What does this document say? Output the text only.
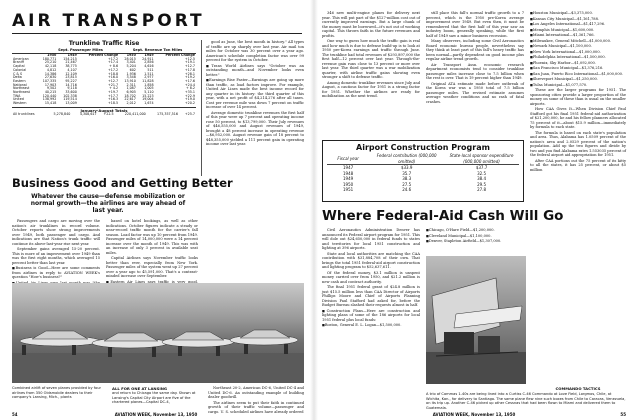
AIR TRANSPORT
Trunkline Traffic Rise
Sept. Passenger Miles	Sept. Revenue Ton Miles
	1950	1949	Percent Change	1950	1949	Percent Change
American	180,771	154,215	+17.2	28,015	24,911	+12.5
Braniff	25,210	21,467	+17.4	3,401	2,856	+19.1
Capital	42,118	38,775	+ 8.6	5,204	4,616	+12.7
Colonial	4,812	4,107	+17.2	602	511	+17.8
C & S	14,386	12,109	+18.8	1,936	1,511	+28.1
Delta	27,630	23,815	+16.0	3,548	2,977	+19.2
Eastern	107,335	95,227	+12.7	13,910	11,828	+17.6
National	17,903	14,716	+21.7	2,311	1,858	+24.4
Northeast	9,502	9,118	+ 4.2	1,087	1,005	+ 8.2
Northwest	40,215	33,600	+19.7	6,905	5,110	+35.1
TWA	120,440	102,338	+17.7	18,702	15,223	+22.9
United	138,992	119,514	+16.3	22,617	19,004	+19.0
Western	15,418	13,009	+18.5	2,012	1,674	+20.2
January-August Totals
All trunklines	5,278,840	4,308,617	+22.5	220,411,000	175,357,516	+25.7
Business Good and Getting Better
Whatever the cause—defense mobilization or normal growth—the airlines are way ahead of last year.

Passengers and cargo are moving over the nation's air trunklines in record volume. October reports show strong improvements over 1949, both passenger and cargo. And indications are that Nation's trunk traffic will continue its above-last-year rise next year.

September gains averaged 15-20 percent. This is more of an improvement over 1949 than was the first eight months, which averaged 15 percent better than last year.

■ Business is Good—Here are some comments from airlines in reply to AVIATION WEEK's question "How's business?"

■

■

based on hotel bookings, as well as other indications. October figures indicate a steady or near-record traffic month for the carrier's fall season. Load factor was up 10 percent from 1949. Passenger miles of 14,000,000 were a 14 percent increase over the month of 1949. This was with an increase of only 3 percent in available seat miles.

Capital Airlines says November traffic looks better than ever, especially from New York. Passenger miles of the system went up 27 percent over a year ago to 45,591,000. That's a contrast-minded increase over September.

■ Eastern Air Lines says traffic is very good.

■

good as June, the best month in history." All types of traffic are up sharply over last year. Air mail ton miles for October was 30 percent over a year ago. American's schedule completion factor was over 99 percent for the system in October.

■ Trans World Airlines says "October was an outstanding month—and November looks even better."

■ Earnings Rise Faster—Earnings are going up more than traffic, as load factors improve. For example, United Air Lines made the best income record for any quarter in its history: the third quarter of this year, with a net profit of $4,214,276 after all taxes. Cost per revenue mile was down 7 percent on traffic increase of over 14 percent.

Average domestic trunkline revenues the first half of this year were up 7 percent and operating income rose 50 percent, to $13,799,000. Their July revenues of $46,555,000 and August revenues of 1949, brought a 48 percent increase in operating revenue—$6,952,000. August revenue gain of 18 percent to $48,355,000 yielded a 111 percent gain in operating income over last year.

Combined airlift of seven planes provided by four airlines from 350 Oldsmobile dealers to their company's Lansing, Mich., plants
ALL FOR ONE AT LANSING
and return to Chicago the same day. Shown at Lansing's Capital City Airport are five of the chartered planes—Capital DC-4,

Northeast 20-2, American DC-6, United DC-4 and United DC-6. An outstanding example of building dealer goodwill.

The airlines seem to put their faith in continued growth of their traffic volume—passenger and cargo. U. S. scheduled airlines have already ordered

54	AVIATION WEEK, November 13, 1950

346 new multi-engine planes for delivery next year. This will put part of the $127-million cost out of currently improved earnings. But a large chunk of the money must be borrowed—it's not out of working capital. This throws faith in the future revenues and profits.

One way to guess how much the traffic gain is real and how much is due to defense build-up is to look at 1950 pre-Korea earnings and traffic through June. The trunkline had total revenues of $293,897,000 the first half—12 percent over last year. Through-the-revenue gain runs close to 13 percent or more over last year. The third quarter was a war mobilization quarter, with airline traffic gains showing even stronger a shift to defense traffic.

Among domestic trunkline revenues since July and August, a cautious factor for 1951 is a strong factor for 1951. Whether the airlines are ready for mobilization as the next trend.

still place this fall's normal traffic growth to a 7 percent, which is the 1950 pre-Korea average improvement over 1949. But even then, it must be remembered that the first half of this year saw an industry boom, generally speaking, while the first half of 1949 saw a minor business recession.

Many observers, including some Civil Aeronautics Board economic bureau people, nevertheless say they think at least part of this fall's heavy traffic has been normal—partly dependent on good income plus regular airline trend growth.

Air Transport Assn. economic research department economists tend to consider trunkline passenger miles increase close to 7.5 billion when the rest is over. That is 19 percent higher than 1949.

Original ATA estimate made before outbreak of the Korea war was a 1950 total of 7.5 billion passenger miles. The revised estimate assumes average weather conditions and no rash of fatal crashes.

■ Houston Municipal—$3,375,000.

■ Kansas City Municipal—$1,161,788.

■ Los Angeles International—$1,417,296.

■ Memphis Municipal—$1,600,000.

■ Miami International—$1,361,766.

■ Milwaukee, General Mitchell—$1,000,000.

■ Newark Municipal—$1,100,000.

■ New York International—$1,000,000.

■ Philadelphia International—$1,500,000.

■ Phoenix, Sky Harbor—$1,092,000.

■ San Francisco Municipal—$1,376,216.

■ San Juan, Puerto Rico International—$1,000,000.

■ Shreveport Municipal—$1,250,000.

■ Tulsa Municipal—$1,077,570.

These are the larger programs for 1951. The sponsoring cities provide a larger proportion of the money on some of these than is usual on the smaller airports.

How CAA Gives It—When Division Chief Paul Stafford got his final 1951 federal-aid authorization of $21,200,000, he and his fellow planners allocated 75 percent of it—about $15.9 million—immediately by formula to each state.

The formula is based on each state's population and area. Thus, Alabama has 1.0509 percent of the nation's area and 2.0529 percent of the nation's population. Add up the two figures and divide by two and you find Alabama rates 1.553035 percent of the federal airport aid appropriation for 1951.

After CAA portions out the 75 percent of its kitty to all the states, it has 25 percent, or about $5 million

Airport Construction Program
Fiscal year	Federal contribution (000,000 omitted)	State-local sponsor expenditure (000,000 omitted)
1947	$33.9	$37.7
1948	35.7	32.5
1949	38.3	38.4
1950	27.5	29.5
1951	24.6	27.8
Where Federal-Aid Cash Will Go

Civil Aeronautics Administration Denver has announced its Federal airport program for 1951. This will dole out $24,650,000 in federal funds to states and territories for local 1951 construction and lighting at 396 airports.

State and local authorities are matching the CAA contribution with $31,884,708 of their own. That brings the total 1951 federal-aid airport construction and lighting program to $52,637,611.

Of the federal money, $3.1 million is unspent money carried over from 1950, and $21.2 million is new cash and contract authority.

The final 1951 federal grant of $24.8 million is just $15.5 million less than CAA Director of Airports Phillips Moore and Chief of Airports Planning Division Paul Stafford had asked for, before the Budget Bureau slashed their requests almost in half.

■ Construction Plans—Here are construction and lighting plans of some of the 186 airports for local 1951 federal plus local funds:

■ Boston, General E. L. Logan—$1,500,000.

■ Chicago, O'Hare Field—$1,200,000.

■ Cleveland Municipal—$1,100,000.

■ Denver, Stapleton Airfield—$1,307,000.

COMMANDO TACTICS
A trio of Commas 1-40s are being lined into a Curtiss C-46 Commando at Love Field, Lorgmos, Chile, at Wichita, Kan., for delivery to Santiago. The same plane flew nine such boxes from Chile to Caracas, Venezuela, on its trip up. Another C-46 picked up other Cessnas that had been flown to Miami and delivered them to Guatemala.
AVIATION WEEK, November 13, 1950	55
